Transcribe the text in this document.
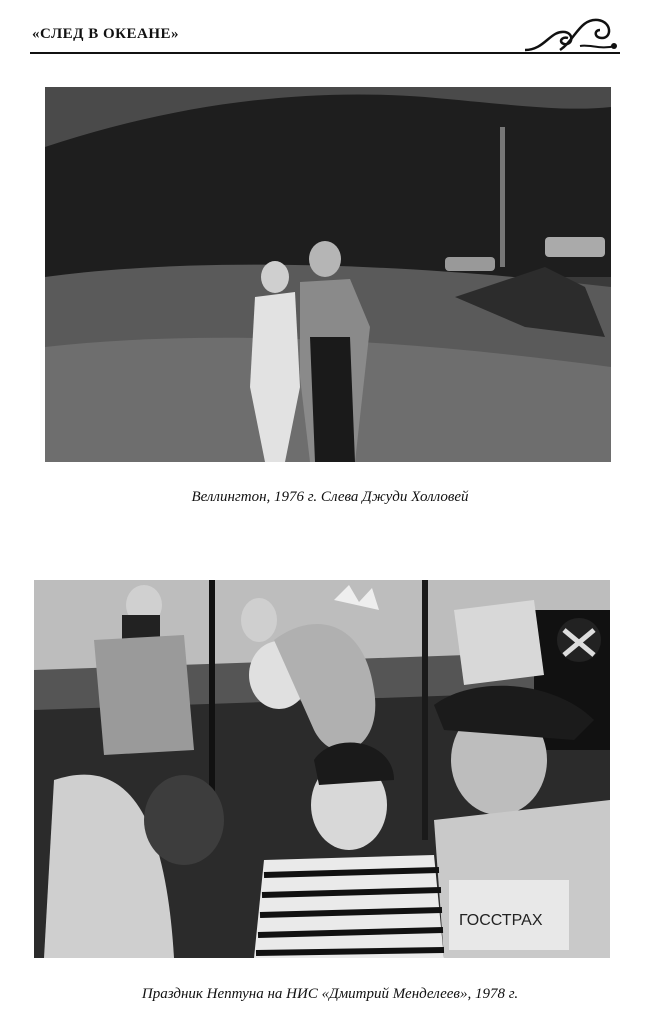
«СЛЕД В ОКЕАНЕ»
Веллингтон, 1976 г. Слева Джуди Холловей
ГОССТРАХ
Праздник Нептуна на НИС «Дмитрий Менделеев», 1978 г.
